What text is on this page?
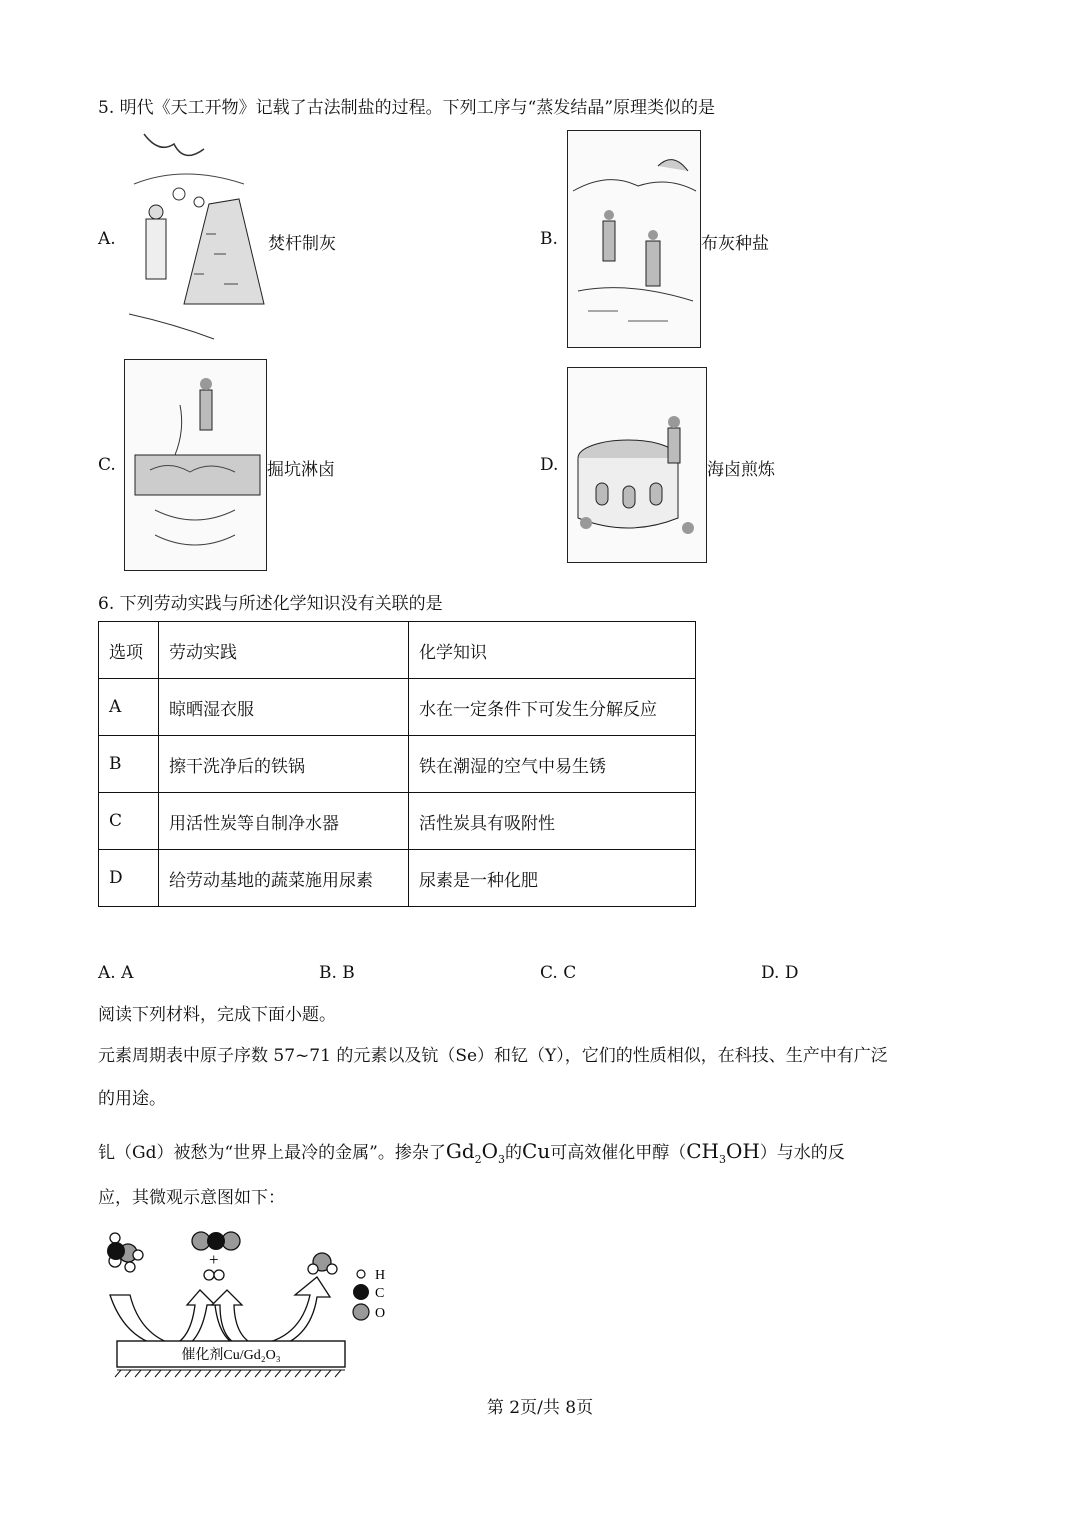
5. 明代《天工开物》记载了古法制盐的过程。下列工序与“蒸发结晶”原理类似的是
A.	焚杆制灰	B.	布灰种盐
C.	掘坑淋卤	D.	海卤煎炼
6. 下列劳动实践与所述化学知识没有关联的是
选项	劳动实践	化学知识
A	晾晒湿衣服	水在一定条件下可发生分解反应
B	擦干洗净后的铁锅	铁在潮湿的空气中易生锈
C	用活性炭等自制净水器	活性炭具有吸附性
D	给劳动基地的蔬菜施用尿素	尿素是一种化肥
A. A	B. B	C. C	D. D
阅读下列材料，完成下面小题。
元素周期表中原子序数 57~71 的元素以及钪（Se）和钇（Y），它们的性质相似，在科技、生产中有广泛
的用途。
钆（Gd）被愁为“世界上最冷的金属”。掺杂了$Gd_2O_3$的Cu可高效催化甲醇$(CH_3OH)$与水的反
应，其微观示意图如下：
+
催化剂Cu/Gd₂O₃
H
C
O
第 2页/共 8页
